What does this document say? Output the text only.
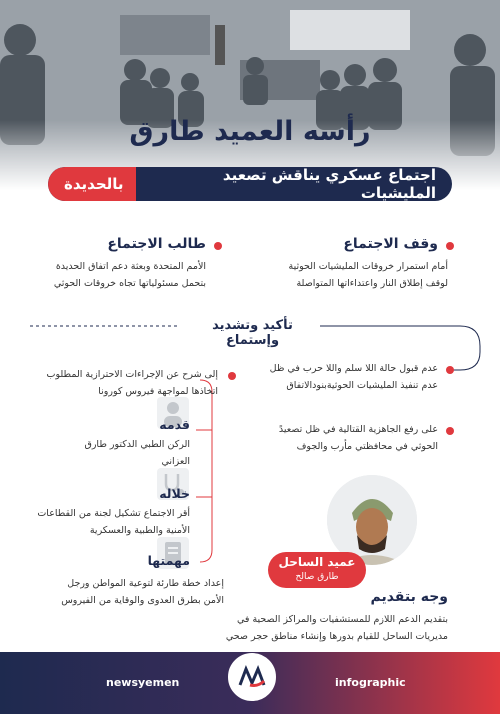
رأسه العميد طارق
اجتماع عسكري يناقش تصعيد المليشيات
بالحديدة
وقف الاجتماع
أمام استمرار خروقات المليشيات الحوثية
لوقف إطلاق النار واعتداءاتها المتواصلة
طالب الاجتماع
الأمم المتحدة وبعثة دعم اتفاق الحديدة
بتحمل مسئولياتها تجاه خروقات الحوثي
تأكيد وتشديد وإستماع
عدم قبول حالة اللا سلم واللا حرب في ظل
عدم تنفيذ المليشيات الحوثيةبنودالاتفاق
على رفع الجاهزية القتالية في ظل تصعيدً
الحوثي في محافظتي مأرب والجوف
إلى شرح عن الإجراءات الاحترازية المطلوب
اتخاذها لمواجهة فيروس كورونا
قدمه
الركن الطبي الدكتور طارق
العزاني
خلاله
أقر الاجتماع تشكيل لجنة من القطاعات
الأمنية والطبية والعسكرية
مهمتها
إعداد خطة طارئة لتوعية المواطن ورجل
الأمن بطرق العدوى والوقاية من الفيروس
عميد الساحل
طارق صالح
وجه بتقديم
بتقديم الدعم اللازم للمستشفيات والمراكز الصحية في
مديريات الساحل للقيام بدورها وإنشاء مناطق حجر صحي
newsyemen	infographic
